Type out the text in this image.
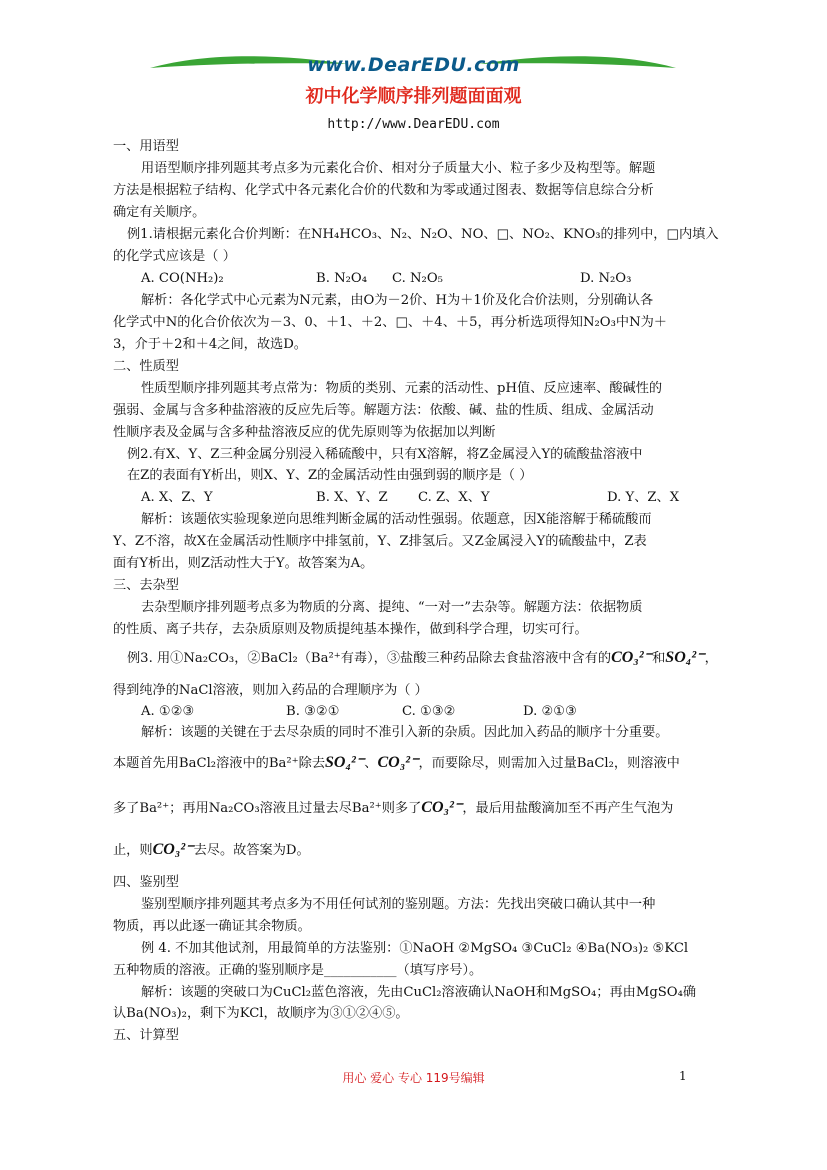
www.DearEDU.com
初中化学顺序排列题面面观
http://www.DearEDU.com
一、用语型
用语型顺序排列题其考点多为元素化合价、相对分子质量大小、粒子多少及构型等。解题
方法是根据粒子结构、化学式中各元素化合价的代数和为零或通过图表、数据等信息综合分析
确定有关顺序。
例1.请根据元素化合价判断：在NH₄HCO₃、N₂、N₂O、NO、□、NO₂、KNO₃的排列中，□内填入
的化学式应该是（ ）
A. CO(NH₂)₂	B. N₂O₄ C. N₂O₅	D. N₂O₃
解析：各化学式中心元素为N元素，由O为－2价、H为＋1价及化合价法则，分别确认各
化学式中N的化合价依次为－3、0、＋1、＋2、□、＋4、＋5，再分析选项得知N₂O₃中N为＋
3，介于＋2和＋4之间，故选D。
二、性质型
性质型顺序排列题其考点常为：物质的类别、元素的活动性、pH值、反应速率、酸碱性的
强弱、金属与含多种盐溶液的反应先后等。解题方法：依酸、碱、盐的性质、组成、金属活动
性顺序表及金属与含多种盐溶液反应的优先原则等为依据加以判断
例2.有X、Y、Z三种金属分别浸入稀硫酸中，只有X溶解，将Z金属浸入Y的硫酸盐溶液中
在Z的表面有Y析出，则X、Y、Z的金属活动性由强到弱的顺序是（ ）
A. X、Z、Y	B. X、Y、Z C. Z、X、Y	D. Y、Z、X
解析：该题依实验现象逆向思维判断金属的活动性强弱。依题意，因X能溶解于稀硫酸而
Y、Z不溶，故X在金属活动性顺序中排氢前，Y、Z排氢后。又Z金属浸入Y的硫酸盐中，Z表
面有Y析出，则Z活动性大于Y。故答案为A。
三、去杂型
去杂型顺序排列题考点多为物质的分离、提纯、“一对一”去杂等。解题方法：依据物质
的性质、离子共存，去杂质原则及物质提纯基本操作，做到科学合理，切实可行。
例3. 用①Na₂CO₃，②BaCl₂（Ba²⁺有毒），③盐酸三种药品除去食盐溶液中含有的CO₃²⁻和SO₄²⁻，
得到纯净的NaCl溶液，则加入药品的合理顺序为（ ）
A. ①②③	B. ③②①	C. ①③②	D. ②①③
解析：该题的关键在于去尽杂质的同时不准引入新的杂质。因此加入药品的顺序十分重要。
本题首先用BaCl₂溶液中的Ba²⁺除去SO₄²⁻、CO₃²⁻，而要除尽，则需加入过量BaCl₂，则溶液中
多了Ba²⁺；再用Na₂CO₃溶液且过量去尽Ba²⁺则多了CO₃²⁻，最后用盐酸滴加至不再产生气泡为
止，则CO₃²⁻去尽。故答案为D。
四、鉴别型
鉴别型顺序排列题其考点多为不用任何试剂的鉴别题。方法：先找出突破口确认其中一种
物质，再以此逐一确证其余物质。
例 4. 不加其他试剂，用最简单的方法鉴别：①NaOH ②MgSO₄ ③CuCl₂ ④Ba(NO₃)₂ ⑤KCl
五种物质的溶液。正确的鉴别顺序是___________（填写序号）。
解析：该题的突破口为CuCl₂蓝色溶液，先由CuCl₂溶液确认NaOH和MgSO₄；再由MgSO₄确
认Ba(NO₃)₂，剩下为KCl，故顺序为③①②④⑤。
五、计算型
用心 爱心 专心 119号编辑	1
